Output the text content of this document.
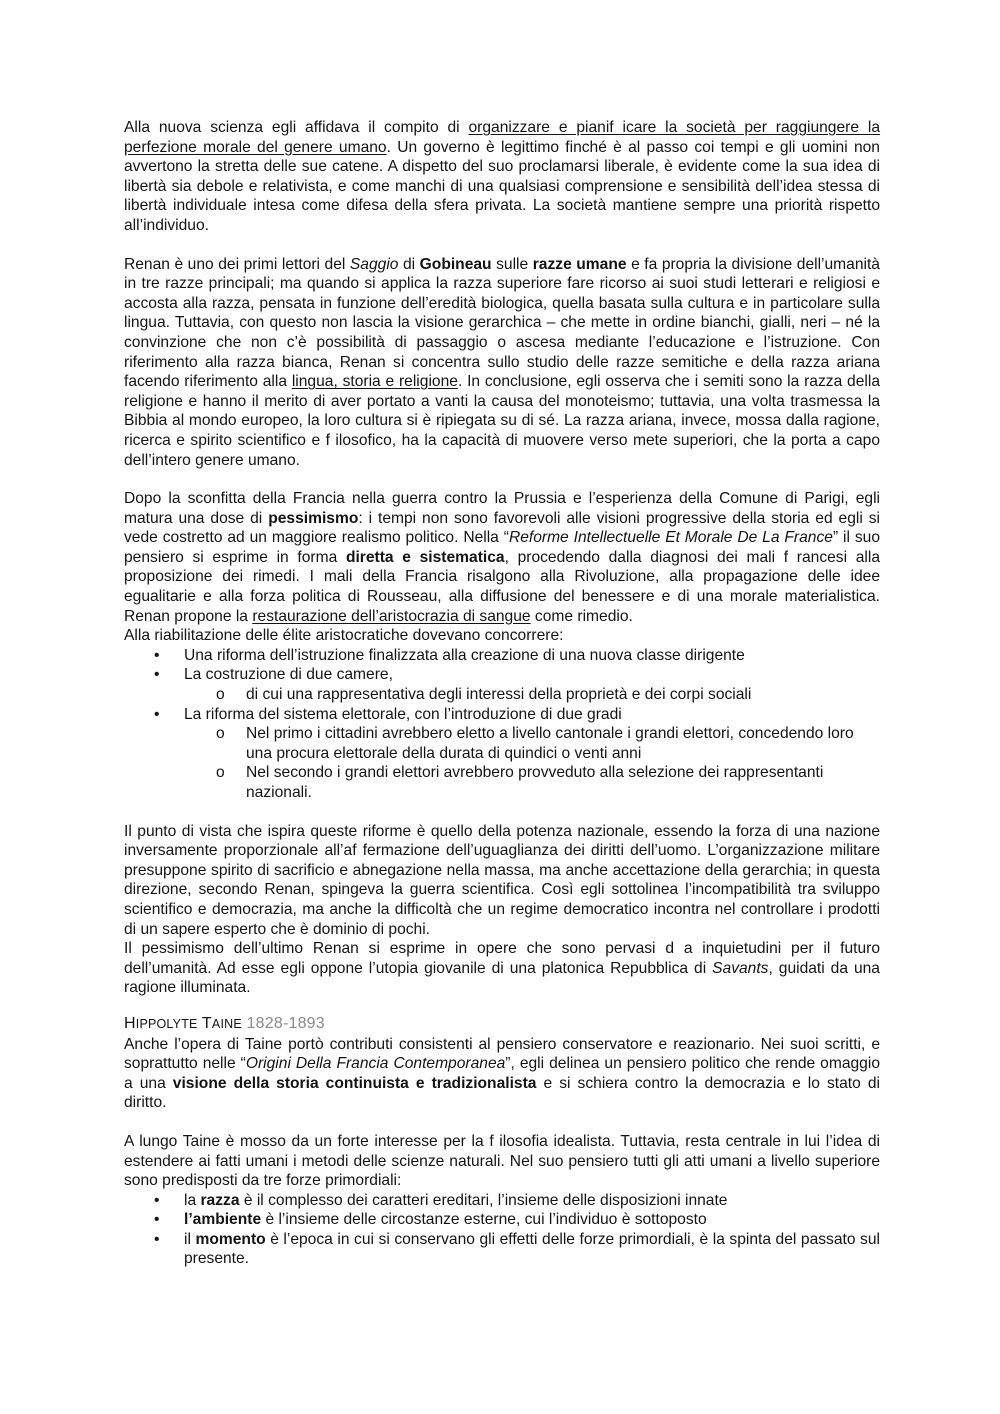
Alla nuova scienza egli affidava il compito di organizzare e pianif icare la società per raggiungere la perfezione morale del genere umano. Un governo è legittimo finché è al passo coi tempi e gli uomini non avvertono la stretta delle sue catene. A dispetto del suo proclamarsi liberale, è evidente come la sua idea di libertà sia debole e relativista, e come manchi di una qualsiasi comprensione e sensibilità dell’idea stessa di libertà individuale intesa come difesa della sfera privata. La società mantiene sempre una priorità rispetto all’individuo.

Renan è uno dei primi lettori del Saggio di Gobineau sulle razze umane e fa propria la divisione dell’umanità in tre razze principali; ma quando si applica la razza superiore fare ricorso ai suoi studi letterari e religiosi e accosta alla razza, pensata in funzione dell’eredità biologica, quella basata sulla cultura e in particolare sulla lingua. Tuttavia, con questo non lascia la visione gerarchica – che mette in ordine bianchi, gialli, neri – né la convinzione che non c’è possibilità di passaggio o ascesa mediante l’educazione e l’istruzione. Con riferimento alla razza bianca, Renan si concentra sullo studio delle razze semitiche e della razza ariana facendo riferimento alla lingua, storia e religione. In conclusione, egli osserva che i semiti sono la razza della religione e hanno il merito di aver portato a vanti la causa del monoteismo; tuttavia, una volta trasmessa la Bibbia al mondo europeo, la loro cultura si è ripiegata su di sé. La razza ariana, invece, mossa dalla ragione, ricerca e spirito scientifico e f ilosofico, ha la capacità di muovere verso mete superiori, che la porta a capo dell’intero genere umano.

Dopo la sconfitta della Francia nella guerra contro la Prussia e l’esperienza della Comune di Parigi, egli matura una dose di pessimismo: i tempi non sono favorevoli alle visioni progressive della storia ed egli si vede costretto ad un maggiore realismo politico. Nella “Reforme Intellectuelle Et Morale De La France” il suo pensiero si esprime in forma diretta e sistematica, procedendo dalla diagnosi dei mali f rancesi alla proposizione dei rimedi. I mali della Francia risalgono alla Rivoluzione, alla propagazione delle idee egualitarie e alla forza politica di Rousseau, alla diffusione del benessere e di una morale materialistica. Renan propone la restaurazione dell’aristocrazia di sangue come rimedio.

Alla riabilitazione delle élite aristocratiche dovevano concorrere:

• Una riforma dell’istruzione finalizzata alla creazione di una nuova classe dirigente
• La costruzione di due camere,
o di cui una rappresentativa degli interessi della proprietà e dei corpi sociali
• La riforma del sistema elettorale, con l’introduzione di due gradi
o Nel primo i cittadini avrebbero eletto a livello cantonale i grandi elettori, concedendo loro una procura elettorale della durata di quindici o venti anni
o Nel secondo i grandi elettori avrebbero provveduto alla selezione dei rappresentanti nazionali.

Il punto di vista che ispira queste riforme è quello della potenza nazionale, essendo la forza di una nazione inversamente proporzionale all’af fermazione dell’uguaglianza dei diritti dell’uomo. L’organizzazione militare presuppone spirito di sacrificio e abnegazione nella massa, ma anche accettazione della gerarchia; in questa direzione, secondo Renan, spingeva la guerra scientifica. Così egli sottolinea l’incompatibilità tra sviluppo scientifico e democrazia, ma anche la difficoltà che un regime democratico incontra nel controllare i prodotti di un sapere esperto che è dominio di pochi.

Il pessimismo dell’ultimo Renan si esprime in opere che sono pervasi d a inquietudini per il futuro dell’umanità. Ad esse egli oppone l’utopia giovanile di una platonica Repubblica di Savants, guidati da una ragione illuminata.

HIPPOLYTE TAINE 1828-1893

Anche l’opera di Taine portò contributi consistenti al pensiero conservatore e reazionario. Nei suoi scritti, e soprattutto nelle “Origini Della Francia Contemporanea”, egli delinea un pensiero politico che rende omaggio a una visione della storia continuista e tradizionalista e si schiera contro la democrazia e lo stato di diritto.

A lungo Taine è mosso da un forte interesse per la f ilosofia idealista. Tuttavia, resta centrale in lui l’idea di estendere ai fatti umani i metodi delle scienze naturali. Nel suo pensiero tutti gli atti umani a livello superiore sono predisposti da tre forze primordiali:

• la razza è il complesso dei caratteri ereditari, l’insieme delle disposizioni innate
• l’ambiente è l’insieme delle circostanze esterne, cui l’individuo è sottoposto
• il momento è l’epoca in cui si conservano gli effetti delle forze primordiali, è la spinta del passato sul presente.
